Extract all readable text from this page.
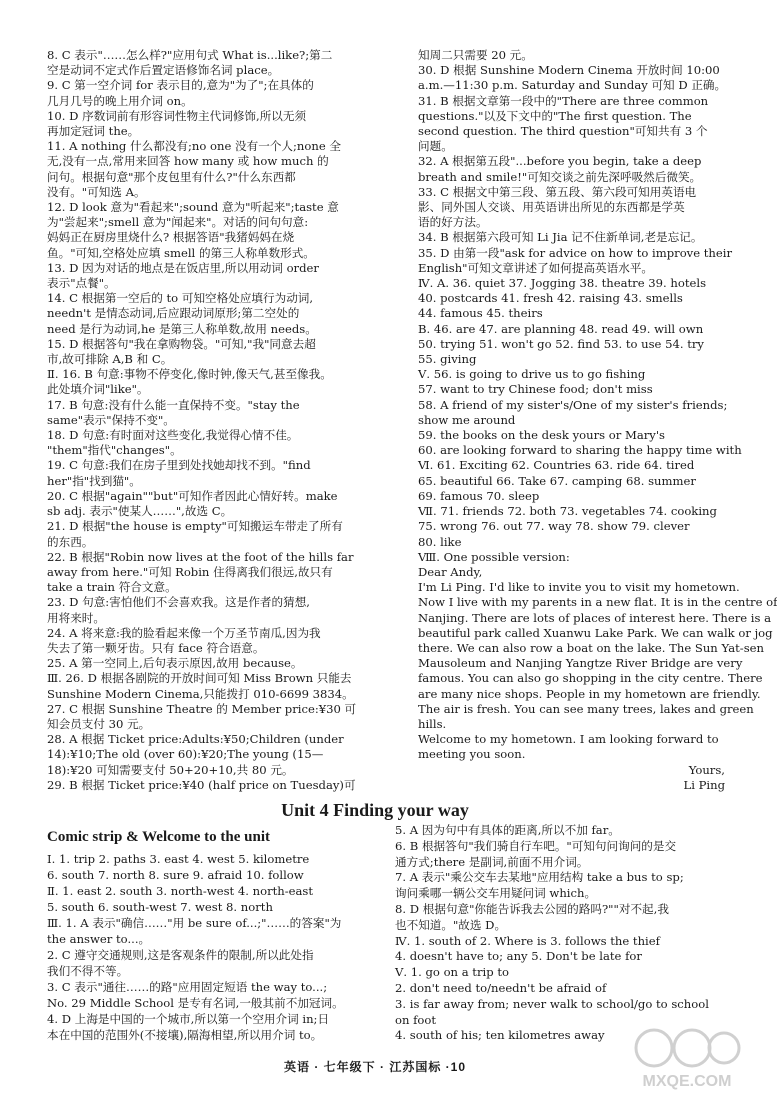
8. C 表示"……怎么样?"应用句式 What is...like?;第二
空是动词不定式作后置定语修饰名词 place。
9. C 第一空介词 for 表示目的,意为"为了";在具体的
几月几号的晚上用介词 on。
10. D 序数词前有形容词性物主代词修饰,所以无须
再加定冠词 the。
11. A nothing 什么都没有;no one 没有一个人;none 全
无,没有一点,常用来回答 how many 或 how much 的
问句。根据句意"那个皮包里有什么?"什么东西都
没有。"可知选 A。
12. D look 意为"看起来";sound 意为"听起来";taste 意
为"尝起来";smell 意为"闻起来"。对话的问句句意:
妈妈正在厨房里烧什么? 根据答语"我猪妈妈在烧
鱼。"可知,空格处应填 smell 的第三人称单数形式。
13. D 因为对话的地点是在饭店里,所以用动词 order
表示"点餐"。
14. C 根据第一空后的 to 可知空格处应填行为动词,
needn't 是情态动词,后应跟动词原形;第二空处的
need 是行为动词,he 是第三人称单数,故用 needs。
15. D 根据答句"我在拿购物袋。"可知,"我"同意去超
市,故可排除 A,B 和 C。
Ⅱ. 16. B 句意:事物不停变化,像时钟,像天气,甚至像我。
此处填介词"like"。
17. B 句意:没有什么能一直保持不变。"stay the
same"表示"保持不变"。
18. D 句意:有时面对这些变化,我觉得心情不佳。
"them"指代"changes"。
19. C 句意:我们在房子里到处找她却找不到。"find
her"指"找到猫"。
20. C 根据"again""but"可知作者因此心情好转。make
sb adj. 表示"使某人……",故选 C。
21. D 根据"the house is empty"可知搬运车带走了所有
的东西。
22. B 根据"Robin now lives at the foot of the hills far
away from here."可知 Robin 住得离我们很远,故只有
take a train 符合文意。
23. D 句意:害怕他们不会喜欢我。这是作者的猜想,
用将来时。
24. A 将来意:我的脸看起来像一个万圣节南瓜,因为我
失去了第一颗牙齿。只有 face 符合语意。
25. A 第一空同上,后句表示原因,故用 because。
Ⅲ. 26. D 根据各剧院的开放时间可知 Miss Brown 只能去
Sunshine Modern Cinema,只能拨打 010-6699 3834。
27. C 根据 Sunshine Theatre 的 Member price:¥30 可
知会员支付 30 元。
28. A 根据 Ticket price:Adults:¥50;Children (under
14):¥10;The old (over 60):¥20;The young (15—
18):¥20 可知需要支付 50+20+10,共 80 元。
29. B 根据 Ticket price:¥40 (half price on Tuesday)可
知周二只需要 20 元。
30. D 根据 Sunshine Modern Cinema 开放时间 10:00
a.m.—11:30 p.m. Saturday and Sunday 可知 D 正确。
31. B 根据文章第一段中的"There are three common
questions."以及下文中的"The first question. The
second question. The third question"可知共有 3 个
问题。
32. A 根据第五段"...before you begin, take a deep
breath and smile!"可知交谈之前先深呼吸然后微笑。
33. C 根据文中第三段、第五段、第六段可知用英语电
影、同外国人交谈、用英语讲出所见的东西都是学英
语的好方法。
34. B 根据第六段可知 Li Jia 记不住新单词,老是忘记。
35. D 由第一段"ask for advice on how to improve their
English"可知文章讲述了如何提高英语水平。
Ⅳ. A. 36. quiet 37. Jogging 38. theatre 39. hotels
40. postcards 41. fresh 42. raising 43. smells
44. famous 45. theirs
B. 46. are 47. are planning 48. read 49. will own
50. trying 51. won't go 52. find 53. to use 54. try
55. giving
Ⅴ. 56. is going to drive us to go fishing
57. want to try Chinese food; don't miss
58. A friend of my sister's/One of my sister's friends;
show me around
59. the books on the desk yours or Mary's
60. are looking forward to sharing the happy time with
Ⅵ. 61. Exciting 62. Countries 63. ride 64. tired
65. beautiful 66. Take 67. camping 68. summer
69. famous 70. sleep
Ⅶ. 71. friends 72. both 73. vegetables 74. cooking
75. wrong 76. out 77. way 78. show 79. clever
80. like
Ⅷ. One possible version:
Dear Andy,
I'm Li Ping. I'd like to invite you to visit my hometown.
Now I live with my parents in a new flat. It is in the centre of
Nanjing. There are lots of places of interest here. There is a
beautiful park called Xuanwu Lake Park. We can walk or jog
there. We can also row a boat on the lake. The Sun Yat-sen
Mausoleum and Nanjing Yangtze River Bridge are very
famous. You can also go shopping in the city centre. There
are many nice shops. People in my hometown are friendly.
The air is fresh. You can see many trees, lakes and green
hills.
Welcome to my hometown. I am looking forward to
meeting you soon.
Yours,
Li Ping
Unit 4 Finding your way
Comic strip & Welcome to the unit
Ⅰ. 1. trip 2. paths 3. east 4. west 5. kilometre
6. south 7. north 8. sure 9. afraid 10. follow
Ⅱ. 1. east 2. south 3. north-west 4. north-east
5. south 6. south-west 7. west 8. north
Ⅲ. 1. A 表示"确信……"用 be sure of...;"……的答案"为
the answer to...。
2. C 遵守交通规则,这是客观条件的限制,所以此处指
我们不得不等。
3. C 表示"通往……的路"应用固定短语 the way to...;
No. 29 Middle School 是专有名词,一般其前不加冠词。
4. D 上海是中国的一个城市,所以第一个空用介词 in;日
本在中国的范围外(不接壤),隔海相望,所以用介词 to。
5. A 因为句中有具体的距离,所以不加 far。
6. B 根据答句"我们骑自行车吧。"可知句问询问的是交
通方式;there 是副词,前面不用介词。
7. A 表示"乘公交车去某地"应用结构 take a bus to sp;
询问乘哪一辆公交车用疑问词 which。
8. D 根据句意"你能告诉我去公园的路吗?""对不起,我
也不知道。"故选 D。
Ⅳ. 1. south of 2. Where is 3. follows the thief
4. doesn't have to; any 5. Don't be late for
Ⅴ. 1. go on a trip to
2. don't need to/needn't be afraid of
3. is far away from; never walk to school/go to school
on foot
4. south of his; ten kilometres away
英语 · 七年级下 · 江苏国标 ·10
MXQE.COM
